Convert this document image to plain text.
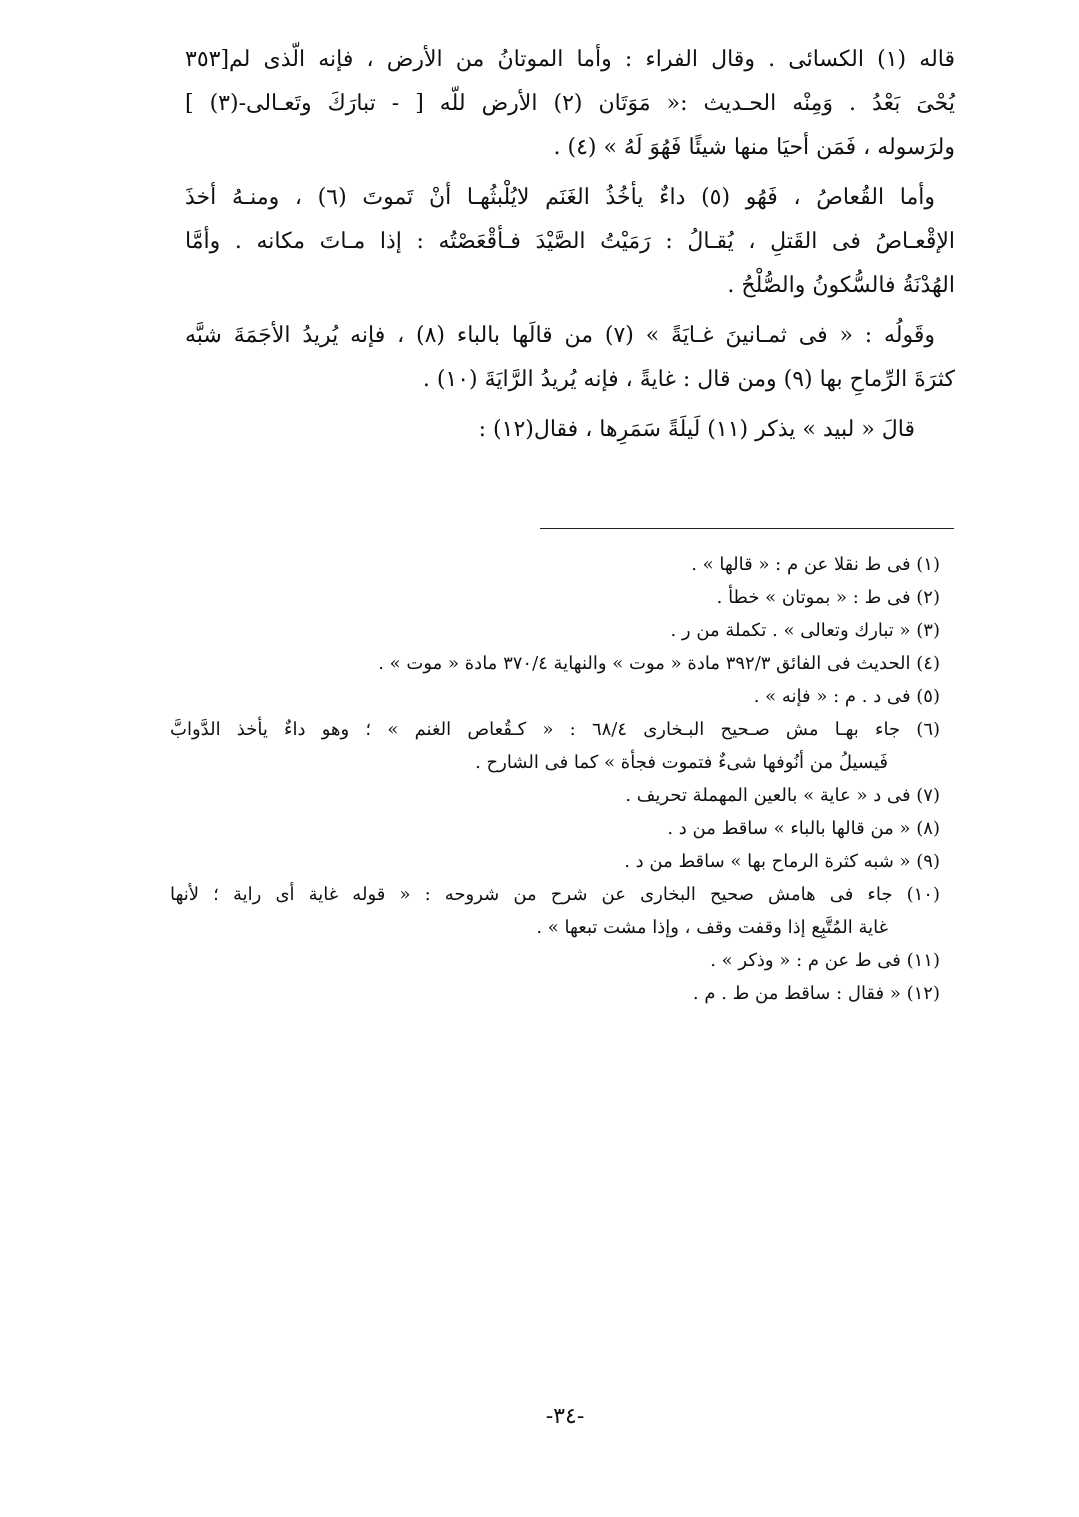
قاله (١) الكسائى . وقال الفراء : وأما الموتانُ من الأرض ، فإنه الّذى لم[٣٥٣
يُحْىَ بَعْدُ . وَمِنْه الحـديث :« مَوَتَان (٢) الأرض للّه [ - تبارَكَ وتَعـالى-(٣) ]
ولرَسوله ، فَمَن أحيَا منها شيئًا فَهُوَ لَهُ » (٤) .
وأما القُعاصُ ، فَهُو (٥) داءٌ يأخُذُ الغَنَم لايُلْبثُهـا أنْ تَموتَ (٦) ، ومنـهُ أخذَ
الإقْعـاصُ فى القَتلِ ، يُقـالُ : رَمَيْتُ الصَّيْدَ فـأقْعَصْتُه : إذا مـاتَ مكانه . وأمَّا
الهُدْنَةُ فالسُّكونُ والصُّلْحُ .
وقَولُه : « فى ثمـانينَ غـايَةً » (٧) من قالَها بالباء (٨) ، فإنه يُريدُ الأجَمَةَ شبَّه
كثرَةَ الرِّماحِ بها (٩) ومن قال : غايةً ، فإنه يُريدُ الرَّايَةَ (١٠) .
قالَ « لبيد » يذكر (١١) لَيلَةً سَمَرِها ، فقال(١٢) :
(١) فى ط نقلا عن م : « قالها » .
(٢) فى ط : « بموتان » خطأ .
(٣) « تبارك وتعالى » . تكملة من ر .
(٤) الحديث فى الفائق ٣٩٢/٣ مادة « موت » والنهاية ٣٧٠/٤ مادة « موت » .
(٥) فى د . م : « فإنه » .
(٦) جاء بهـا مش صـحيح البـخارى ٦٨/٤ : « كـقُعاص الغنم » ؛ وهو داءٌ يأخذ الدَّوابَّ
فَيسيلُ من أنُوفها شىءٌ فتموت فجأة » كما فى الشارح .
(٧) فى د « عاية » بالعين المهملة تحريف .
(٨) « من قالها بالباء » ساقط من د .
(٩) « شبه كثرة الرماح بها » ساقط من د .
(١٠) جاء فى هامش صحيح البخارى عن شرح من شروحه : « قوله غاية أى راية ؛ لأنها
غاية المُتَّبِع إذا وقفت وقف ، وإذا مشت تبعها » .
(١١) فى ط عن م : « وذكر » .
(١٢) « فقال : ساقط من ط . م .
-٣٤-
